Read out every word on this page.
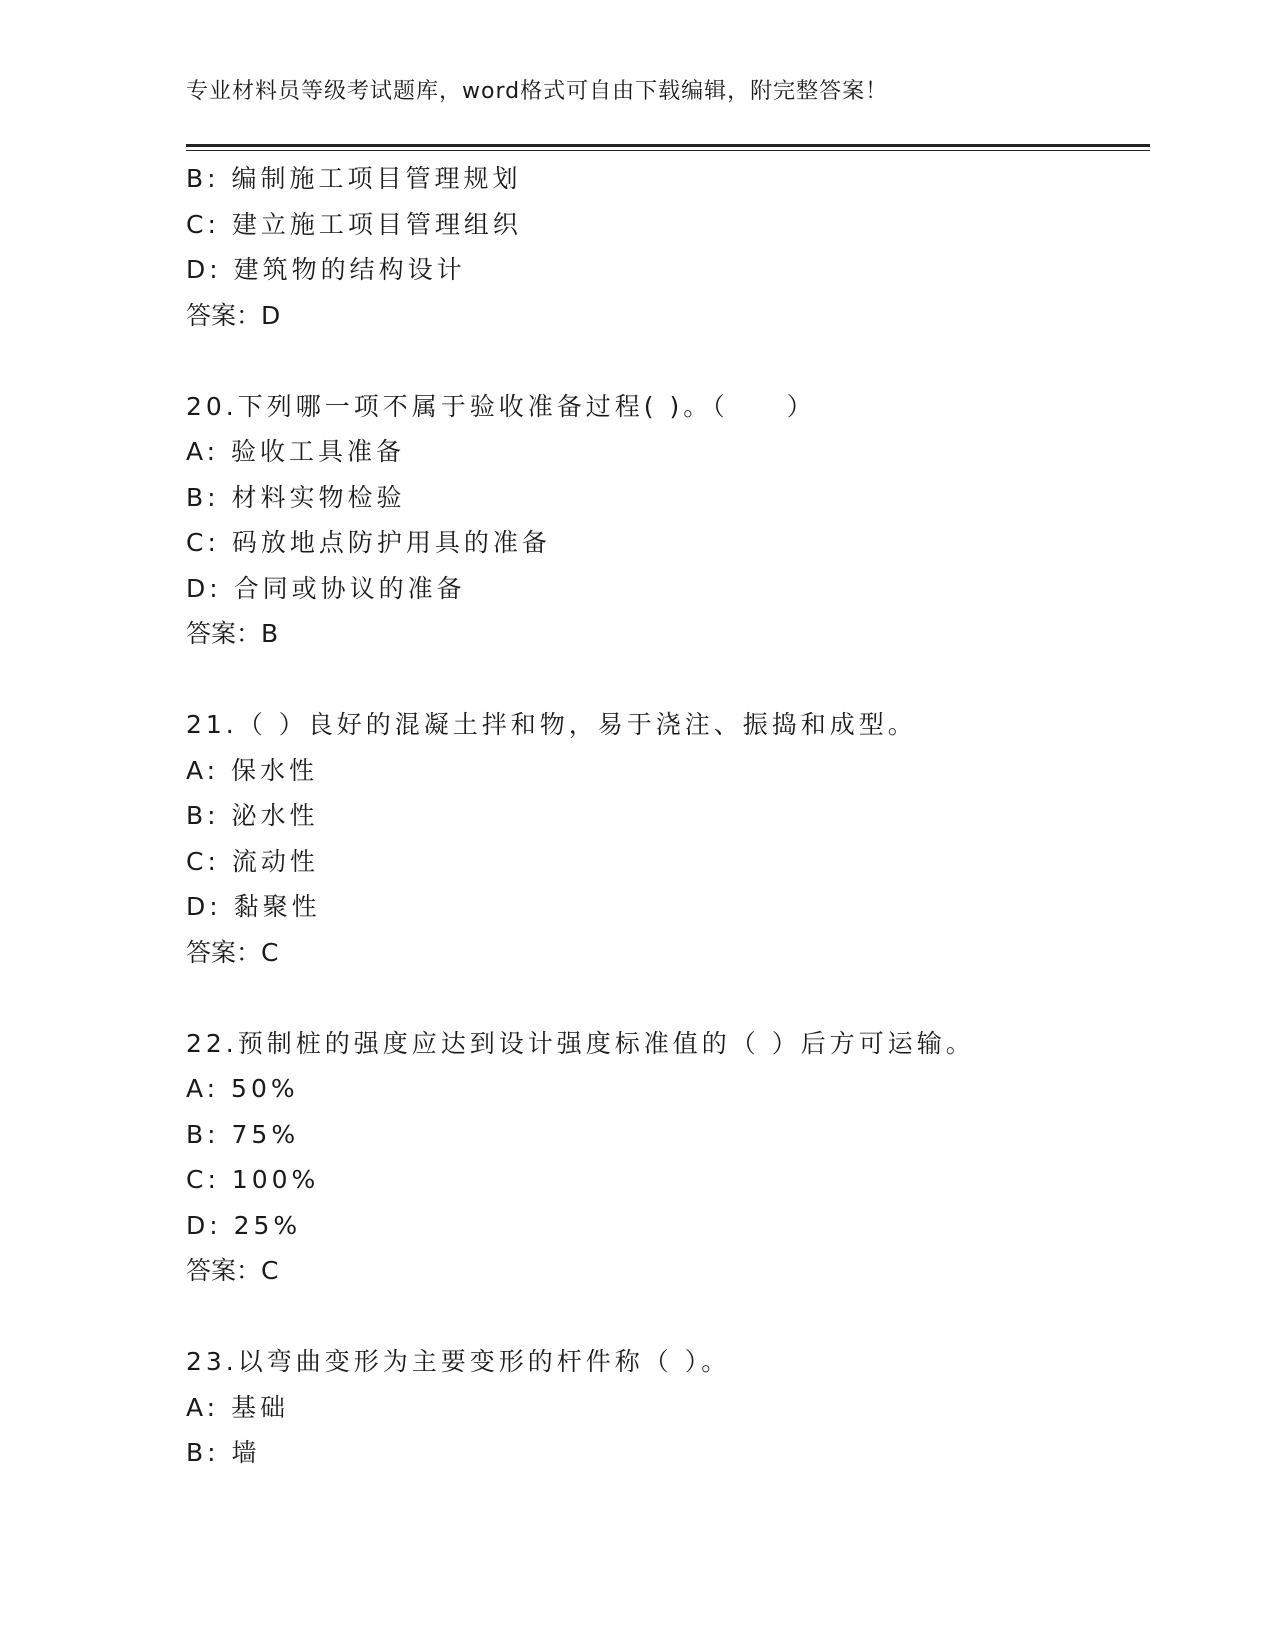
专业材料员等级考试题库，word格式可自由下载编辑，附完整答案！
B: 编制施工项目管理规划
C: 建立施工项目管理组织
D: 建筑物的结构设计
答案：D
20.下列哪一项不属于验收准备过程( )。（　　）
A: 验收工具准备
B: 材料实物检验
C: 码放地点防护用具的准备
D: 合同或协议的准备
答案：B
21.（ ）良好的混凝土拌和物，易于浇注、振捣和成型。
A: 保水性
B: 泌水性
C: 流动性
D: 黏聚性
答案：C
22.预制桩的强度应达到设计强度标准值的（ ）后方可运输。
A: 50%
B: 75%
C: 100%
D: 25%
答案：C
23.以弯曲变形为主要变形的杆件称（ ）。
A: 基础
B: 墙
